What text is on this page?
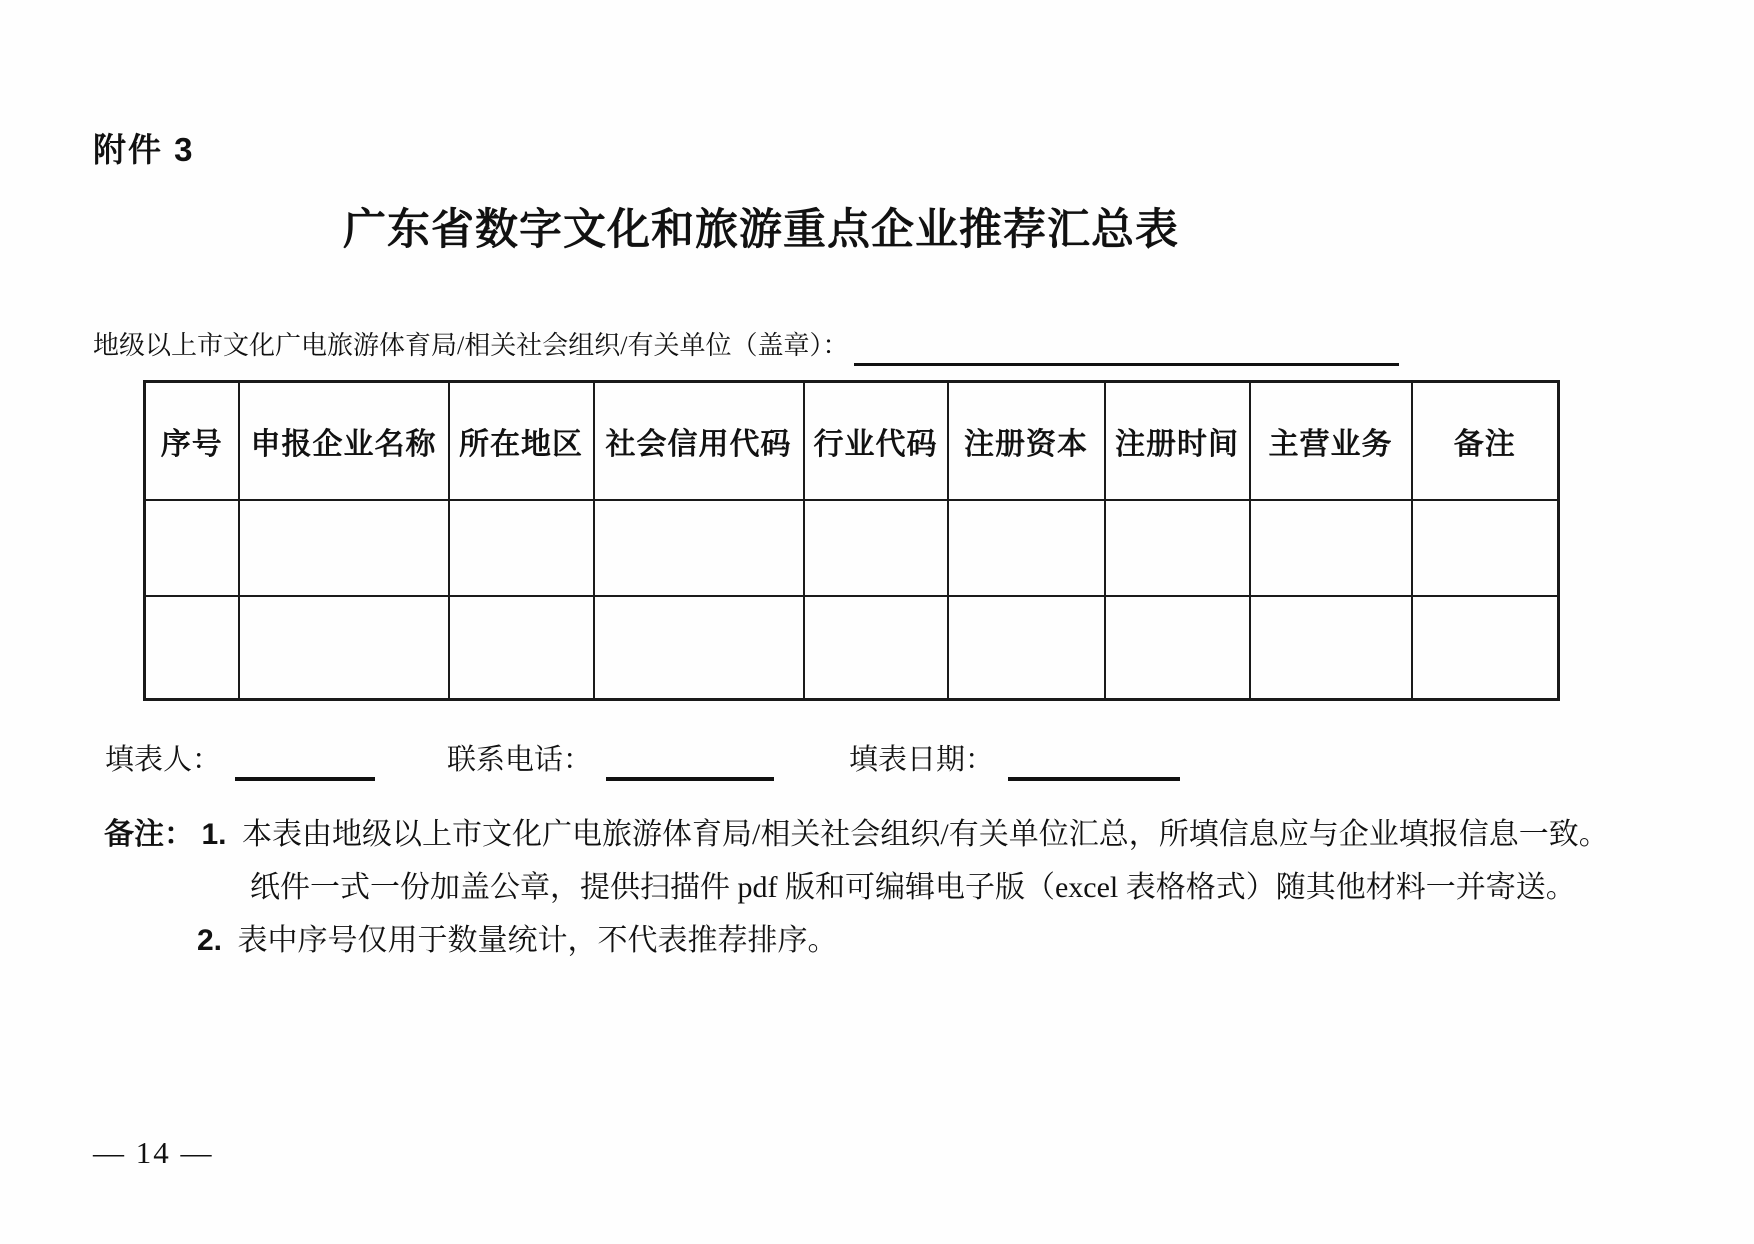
附件 3
广东省数字文化和旅游重点企业推荐汇总表
地级以上市文化广电旅游体育局/相关社会组织/有关单位（盖章）：
序号	申报企业名称	所在地区	社会信用代码	行业代码	注册资本	注册时间	主营业务	备注

填表人：	联系电话：	填表日期：
备注： 1. 本表由地级以上市文化广电旅游体育局/相关社会组织/有关单位汇总，所填信息应与企业填报信息一致。
纸件一式一份加盖公章，提供扫描件 pdf 版和可编辑电子版（excel 表格格式）随其他材料一并寄送。
2. 表中序号仅用于数量统计，不代表推荐排序。
— 14 —
